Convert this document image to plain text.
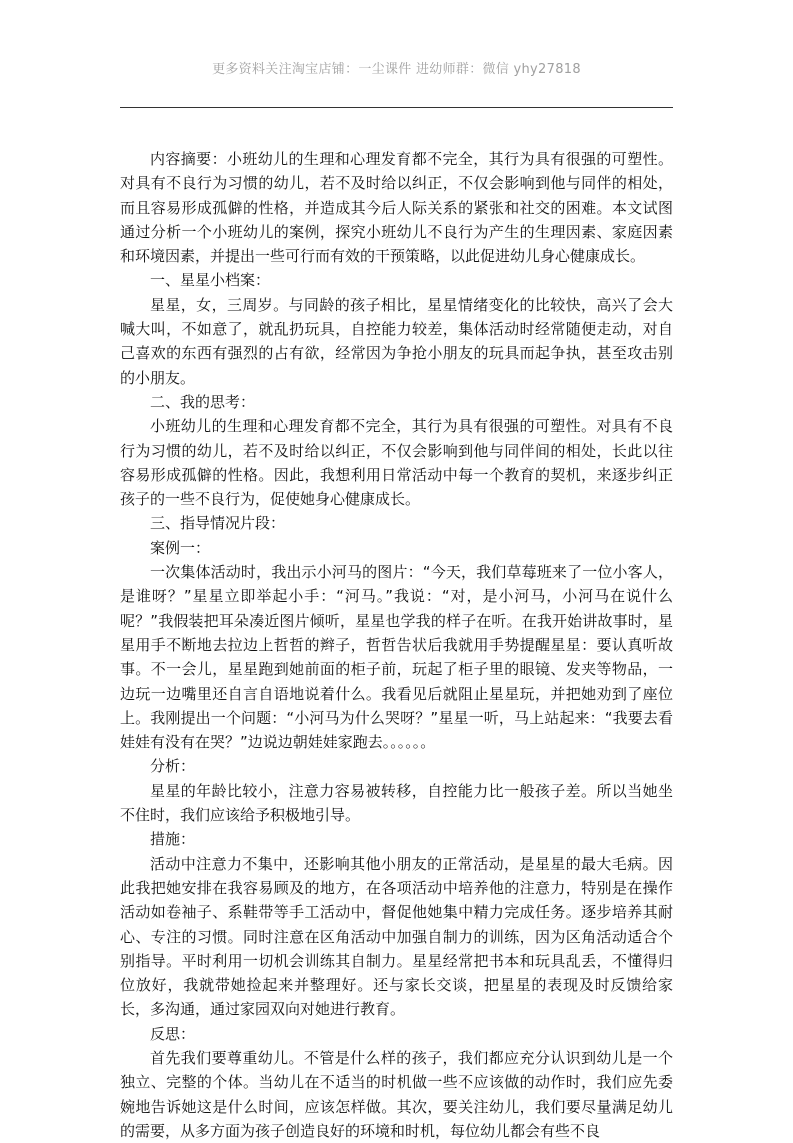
更多资料关注淘宝店铺：一尘课件 进幼师群：微信 yhy27818

内容摘要：小班幼儿的生理和心理发育都不完全，其行为具有很强的可塑性。对具有不良行为习惯的幼儿，若不及时给以纠正，不仅会影响到他与同伴的相处，而且容易形成孤僻的性格，并造成其今后人际关系的紧张和社交的困难。本文试图通过分析一个小班幼儿的案例，探究小班幼儿不良行为产生的生理因素、家庭因素和环境因素，并提出一些可行而有效的干预策略，以此促进幼儿身心健康成长。

一、星星小档案：

星星，女，三周岁。与同龄的孩子相比，星星情绪变化的比较快，高兴了会大喊大叫，不如意了，就乱扔玩具，自控能力较差，集体活动时经常随便走动，对自己喜欢的东西有强烈的占有欲，经常因为争抢小朋友的玩具而起争执，甚至攻击别的小朋友。

二、我的思考：

小班幼儿的生理和心理发育都不完全，其行为具有很强的可塑性。对具有不良行为习惯的幼儿，若不及时给以纠正，不仅会影响到他与同伴间的相处，长此以往容易形成孤僻的性格。因此，我想利用日常活动中每一个教育的契机，来逐步纠正孩子的一些不良行为，促使她身心健康成长。

三、指导情况片段：

案例一：

一次集体活动时，我出示小河马的图片：“今天，我们草莓班来了一位小客人，是谁呀？”星星立即举起小手：“河马。”我说：“对，是小河马，小河马在说什么呢？”我假装把耳朵凑近图片倾听，星星也学我的样子在听。在我开始讲故事时，星星用手不断地去拉边上哲哲的辫子，哲哲告状后我就用手势提醒星星：要认真听故事。不一会儿，星星跑到她前面的柜子前，玩起了柜子里的眼镜、发夹等物品，一边玩一边嘴里还自言自语地说着什么。我看见后就阻止星星玩，并把她劝到了座位上。我刚提出一个问题：“小河马为什么哭呀？”星星一听，马上站起来：“我要去看娃娃有没有在哭？”边说边朝娃娃家跑去。。。。。。

分析：

星星的年龄比较小，注意力容易被转移，自控能力比一般孩子差。所以当她坐不住时，我们应该给予积极地引导。

措施：

活动中注意力不集中，还影响其他小朋友的正常活动，是星星的最大毛病。因此我把她安排在我容易顾及的地方，在各项活动中培养他的注意力，特别是在操作活动如卷袖子、系鞋带等手工活动中，督促他她集中精力完成任务。逐步培养其耐心、专注的习惯。同时注意在区角活动中加强自制力的训练，因为区角活动适合个别指导。平时利用一切机会训练其自制力。星星经常把书本和玩具乱丢，不懂得归位放好，我就带她捡起来并整理好。还与家长交谈，把星星的表现及时反馈给家长，多沟通，通过家园双向对她进行教育。

反思：

首先我们要尊重幼儿。不管是什么样的孩子，我们都应充分认识到幼儿是一个独立、完整的个体。当幼儿在不适当的时机做一些不应该做的动作时，我们应先委婉地告诉她这是什么时间，应该怎样做。其次，要关注幼儿，我们要尽量满足幼儿的需要，从多方面为孩子创造良好的环境和时机，每位幼儿都会有些不良
